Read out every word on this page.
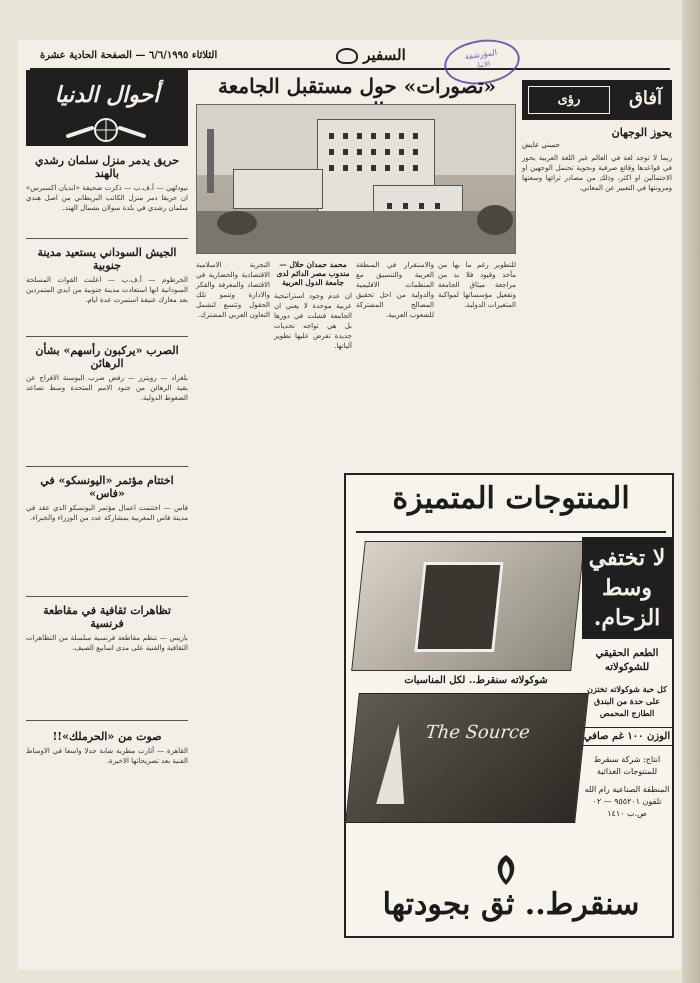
الثلاثاء ٦/٦/١٩٩٥ — الصفحة الحادية عشرة	السفير	المؤرشفة
الانبار
«تصورات» حول مستقبل الجامعة
أحوال الدنيا
حريق يدمر منزل سلمان رشدي بالهند

نيودلهي — أ.ف.ب — ذكرت صحيفة «انديان اكسبرس» ان حريقا دمر منزل الكاتب البريطاني من اصل هندي سلمان رشدي في بلدة سولان بشمال الهند.

الجيش السوداني يستعيد مدينة جنوبية

الخرطوم — أ.ف.ب — اعلنت القوات المسلحة السودانية انها استعادت مدينة جنوبية من ايدي المتمردين بعد معارك عنيفة استمرت عدة ايام.

الصرب «يركبون رأسهم» بشأن الرهائن

بلغراد — رويترز — رفض صرب البوسنة الافراج عن بقية الرهائن من جنود الامم المتحدة وسط تصاعد الضغوط الدولية.

اختتام مؤتمر «اليونسكو» في «فاس»

فاس — اختتمت اعمال مؤتمر اليونسكو الذي عقد في مدينة فاس المغربية بمشاركة عدد من الوزراء والخبراء.

تظاهرات ثقافية في مقاطعة فرنسية

باريس — تنظم مقاطعة فرنسية سلسلة من التظاهرات الثقافية والفنية على مدى اسابيع الصيف.

صوت من «الحرملك»!!

القاهرة — أثارت مطربة شابة جدلا واسعا في الاوساط الفنية بعد تصريحاتها الاخيرة.

للتطوير رغم ما بها من مآخذ وقيود فلا بد من مراجعة ميثاق الجامعة وتفعيل مؤسساتها لمواكبة المتغيرات الدولية.

والاستقرار في المنطقة العربية والتنسيق مع المنظمات الاقليمية والدولية من اجل تحقيق المصالح المشتركة للشعوب العربية.

محمد حمدان حلال — مندوب مصر الدائم لدى جامعة الدول العربية

ان عدم وجود استراتيجية عربية موحدة لا يعني ان الجامعة فشلت في دورها بل هي تواجه تحديات جديدة تفرض عليها تطوير آلياتها.

التجربة الاسلامية الاقتصادية والحضارية في الاقتصاد والمعرفة والفكر والادارة وتنمو تلك الحقول وتتسع لتشمل التعاون العربي المشترك.

آفاق
رؤى
يحوز الوجهان
حسني عايش

ربما لا توجد لغة في العالم غير اللغة العربية يحوز في قواعدها وقائع صرفية ونحوية تحتمل الوجهين او الاحتمالين او اكثر، وذلك من مصادر ثرائها وسعتها ومرونتها في التعبير عن المعاني.

المنتوجات المتميزة
شوكولاته سنقرط.. لكل المناسبات
The Source
لا تختفي وسط الزحام.
الطعم الحقيقي للشوكولاته
كل حبة شوكولاته تختزن على حدة من البندق الطازج المحمص
الوزن ١٠٠ غم صافي
انتاج: شركة سنقرط للمنتوجات الغذائية
المنطقة الصناعية رام الله تلفون ٩٥٥٢٠١ — ٠٢ ص.ب ١٤١٠
سنقرط.. ثق بجودتها
